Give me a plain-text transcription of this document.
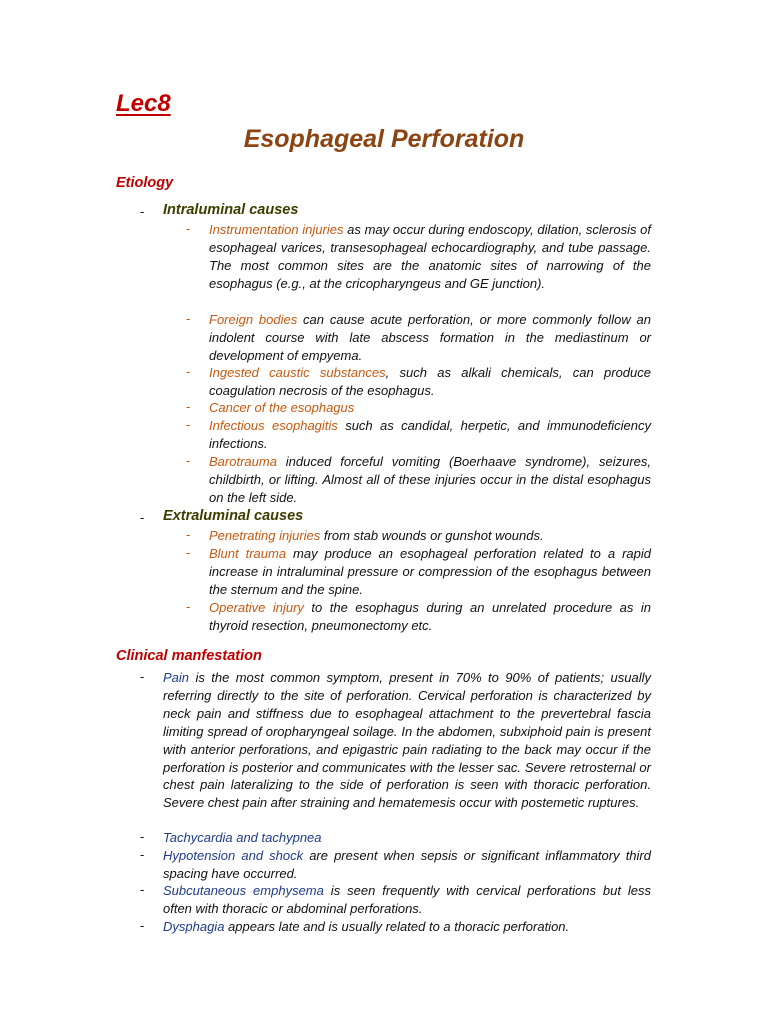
Lec8
Esophageal Perforation
Etiology
- Intraluminal causes
- Instrumentation injuries as may occur during endoscopy, dilation, sclerosis of esophageal varices, transesophageal echocardiography, and tube passage. The most common sites are the anatomic sites of narrowing of the esophagus (e.g., at the cricopharyngeus and GE junction).

- Foreign bodies can cause acute perforation, or more commonly follow an indolent course with late abscess formation in the mediastinum or development of empyema.

- Ingested caustic substances, such as alkali chemicals, can produce coagulation necrosis of the esophagus.

- Cancer of the esophagus

- Infectious esophagitis such as candidal, herpetic, and immunodeficiency infections.

- Barotrauma induced forceful vomiting (Boerhaave syndrome), seizures, childbirth, or lifting. Almost all of these injuries occur in the distal esophagus on the left side.

- Extraluminal causes
- Penetrating injuries from stab wounds or gunshot wounds.

- Blunt trauma may produce an esophageal perforation related to a rapid increase in intraluminal pressure or compression of the esophagus between the sternum and the spine.

- Operative injury to the esophagus during an unrelated procedure as in thyroid resection, pneumonectomy etc.

Clinical manfestation
- Pain is the most common symptom, present in 70% to 90% of patients; usually referring directly to the site of perforation. Cervical perforation is characterized by neck pain and stiffness due to esophageal attachment to the prevertebral fascia limiting spread of oropharyngeal soilage. In the abdomen, subxiphoid pain is present with anterior perforations, and epigastric pain radiating to the back may occur if the perforation is posterior and communicates with the lesser sac. Severe retrosternal or chest pain lateralizing to the side of perforation is seen with thoracic perforation. Severe chest pain after straining and hematemesis occur with postemetic ruptures.

- Tachycardia and tachypnea

- Hypotension and shock are present when sepsis or significant inflammatory third spacing have occurred.

- Subcutaneous emphysema is seen frequently with cervical perforations but less often with thoracic or abdominal perforations.

- Dysphagia appears late and is usually related to a thoracic perforation.
